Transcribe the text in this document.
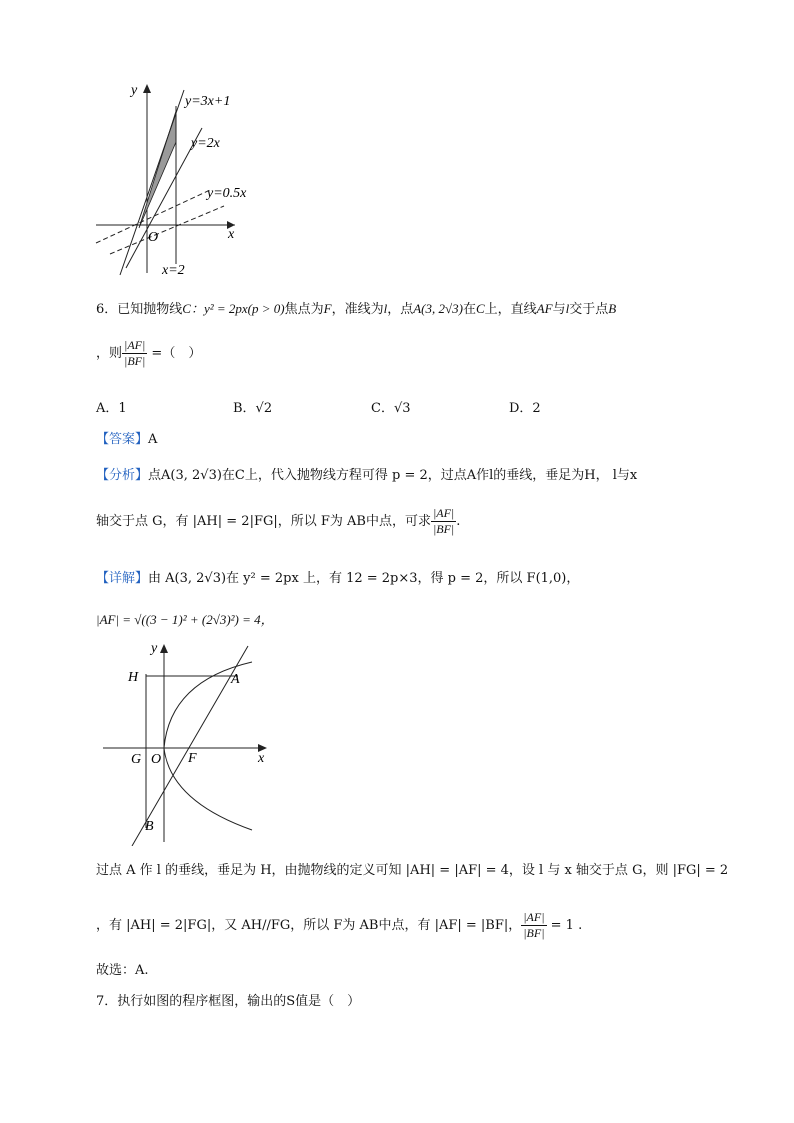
y
x
O
y=3x+1
y=2x
y=0.5x
x=2
6．已知抛物线C：y² = 2px(p > 0)焦点为F，准线为l，点A(3, 2√3)在C上，直线AF与l交于点B
，则 $\frac{|AF|}{|BF|}$ =（　）
A．1	B．√2	C．√3	D．2
【答案】A
【分析】点A(3, 2√3)在C上，代入抛物线方程可得 p = 2，过点A作l的垂线，垂足为H， l与x
轴交于点 G，有 |AH| = 2|FG|，所以 F为 AB中点，可求 $\frac{|AF|}{|BF|}$ .
【详解】由 A(3, 2√3)在 y² = 2px 上，有 12 = 2p×3，得 p = 2，所以 F(1,0)，
|AF| = √((3 − 1)² + (2√3)²) = 4，
y
x
H	A
G O F
B
过点 A 作 l 的垂线，垂足为 H，由抛物线的定义可知 |AH| = |AF| = 4，设 l 与 x 轴交于点 G，则 |FG| = 2
，有 |AH| = 2|FG|，又 AH//FG，所以 F为 AB中点，有 |AF| = |BF|， $\frac{|AF|}{|BF|} = 1$ .
故选：A.
7．执行如图的程序框图，输出的S值是（　）
